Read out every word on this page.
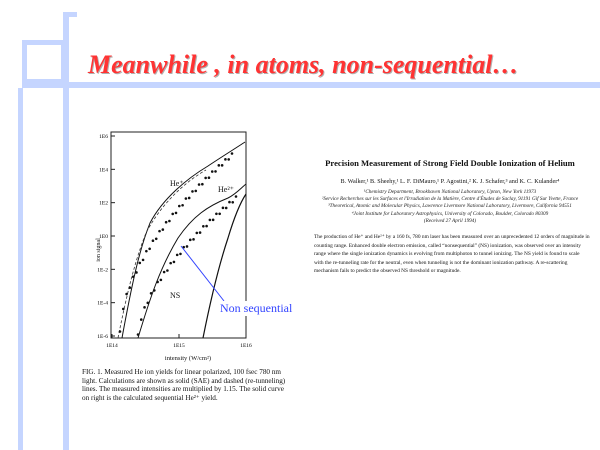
Meanwhile , in atoms, non-sequential…
1E6
1E4
1E2
1E0
1E-2
1E-4
1E-6
1E14	1E15	1E16
He⁺
He²⁺
NS
ion signal
intensity (W/cm²)
FIG. 1. Measured He ion yields for linear polarized, 100 fsec 780 nm light. Calculations are shown as solid (SAE) and dashed (re-tunneling) lines. The measured intensities are multiplied by 1.15. The solid curve on right is the calculated sequential He²⁺ yield.
Precision Measurement of Strong Field Double Ionization of Helium
B. Walker,¹ B. Sheehy,¹ L. F. DiMauro,¹ P. Agostini,² K. J. Schafer,³ and K. C. Kulander⁴
¹Chemistry Department, Brookhaven National Laboratory, Upton, New York 11973
²Service Recherches sur les Surfaces et l'Irradiation de la Matière, Centre d'Études de Saclay, 91191 Gif Sur Yvette, France
³Theoretical, Atomic and Molecular Physics, Lawrence Livermore National Laboratory, Livermore, California 94551
⁴Joint Institute for Laboratory Astrophysics, University of Colorado, Boulder, Colorado 80309
(Received 27 April 1994)
The production of He⁺ and He²⁺ by a 160 fs, 780 nm laser has been measured over an unprecedented 12 orders of magnitude in counting range. Enhanced double electron emission, called “nonsequential” (NS) ionization, was observed over an intensity range where the single ionization dynamics is evolving from multiphoton to tunnel ionizing. The NS yield is found to scale with the re-tunneling rate for the neutral, even when tunneling is not the dominant ionization pathway. A re-scattering mechanism fails to predict the observed NS threshold or magnitude.
Non sequential
